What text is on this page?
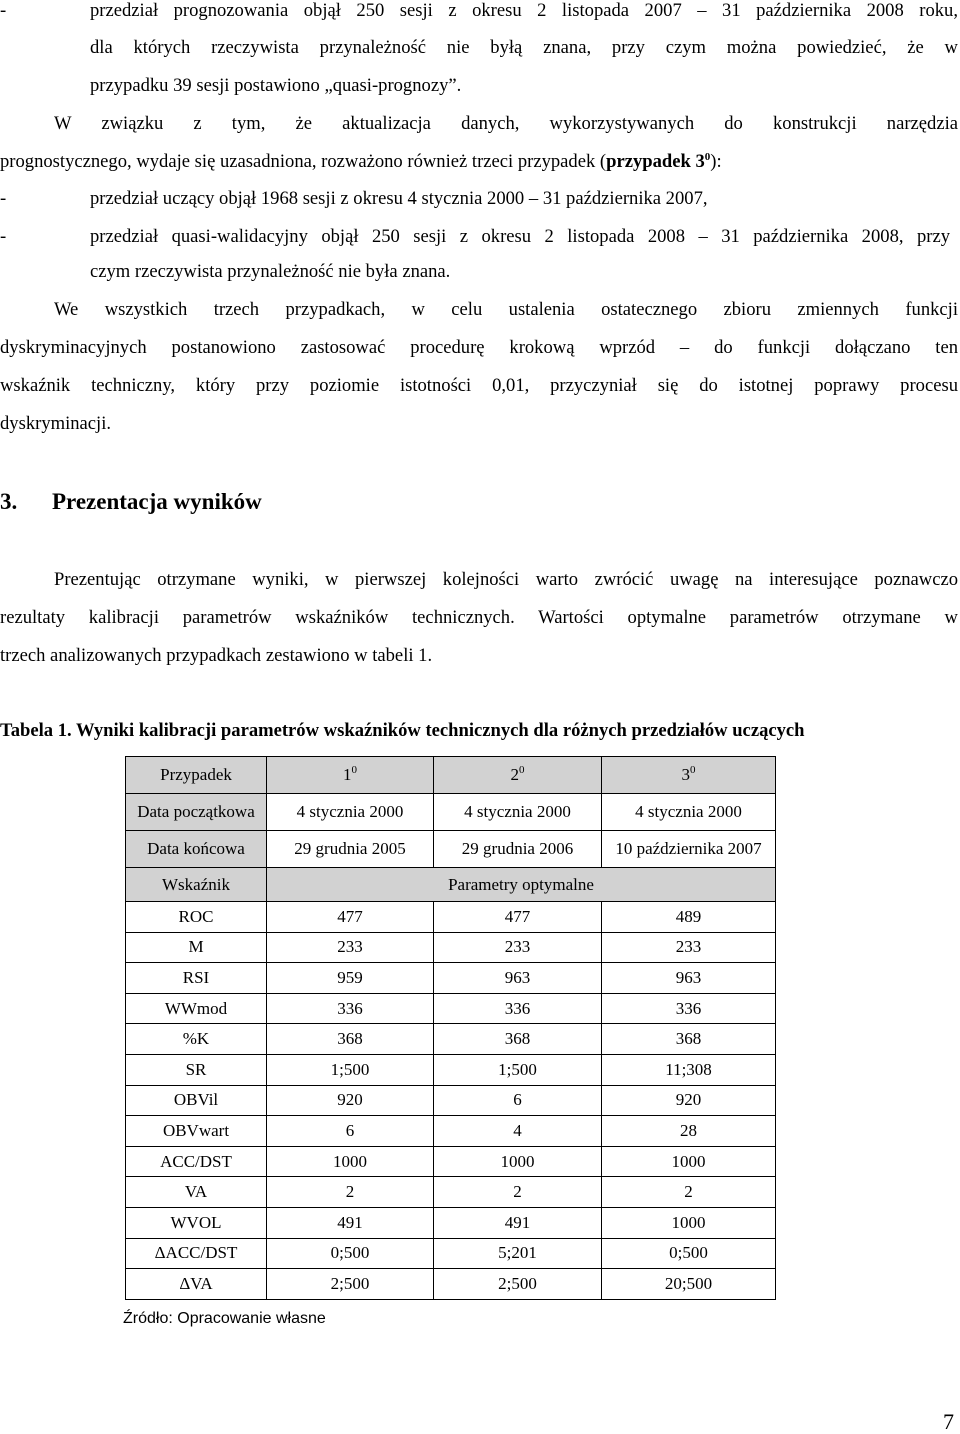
-	przedział prognozowania objął 250 sesji z okresu 2 listopada 2007 – 31 października 2008 roku,
dla których rzeczywista przynależność nie byłą znana, przy czym można powiedzieć, że w
przypadku 39 sesji postawiono „quasi-prognozy”.
W związku z tym, że aktualizacja danych, wykorzystywanych do konstrukcji narzędzia
prognostycznego, wydaje się uzasadniona, rozważono również trzeci przypadek (przypadek $3^0$):
-	przedział uczący objął 1968 sesji z okresu 4 stycznia 2000 – 31 października 2007,
-	przedział quasi-walidacyjny objął 250 sesji z okresu 2 listopada 2008 – 31 października 2008, przy
czym rzeczywista przynależność nie była znana.
We wszystkich trzech przypadkach, w celu ustalenia ostatecznego zbioru zmiennych funkcji
dyskryminacyjnych postanowiono zastosować procedurę krokową wprzód – do funkcji dołączano ten
wskaźnik techniczny, który przy poziomie istotności 0,01, przyczyniał się do istotnej poprawy procesu
dyskryminacji.
3. Prezentacja wyników
Prezentując otrzymane wyniki, w pierwszej kolejności warto zwrócić uwagę na interesujące poznawczo
rezultaty kalibracji parametrów wskaźników technicznych. Wartości optymalne parametrów otrzymane w
trzech analizowanych przypadkach zestawiono w tabeli 1.
Tabela 1. Wyniki kalibracji parametrów wskaźników technicznych dla różnych przedziałów uczących
Przypadek	$1^0$	$2^0$	$3^0$
Data początkowa	4 stycznia 2000	4 stycznia 2000	4 stycznia 2000
Data końcowa	29 grudnia 2005	29 grudnia 2006	10 października 2007
Wskaźnik	Parametry optymalne		
ROC	477	477	489
M	233	233	233
RSI	959	963	963
WWmod	336	336	336
%K	368	368	368
SR	1;500	1;500	11;308
OBVil	920	6	920
OBVwart	6	4	28
ACC/DST	1000	1000	1000
VA	2	2	2
WVOL	491	491	1000
ΔACC/DST	0;500	5;201	0;500
ΔVA	2;500	2;500	20;500
Źródło: Opracowanie własne
7
